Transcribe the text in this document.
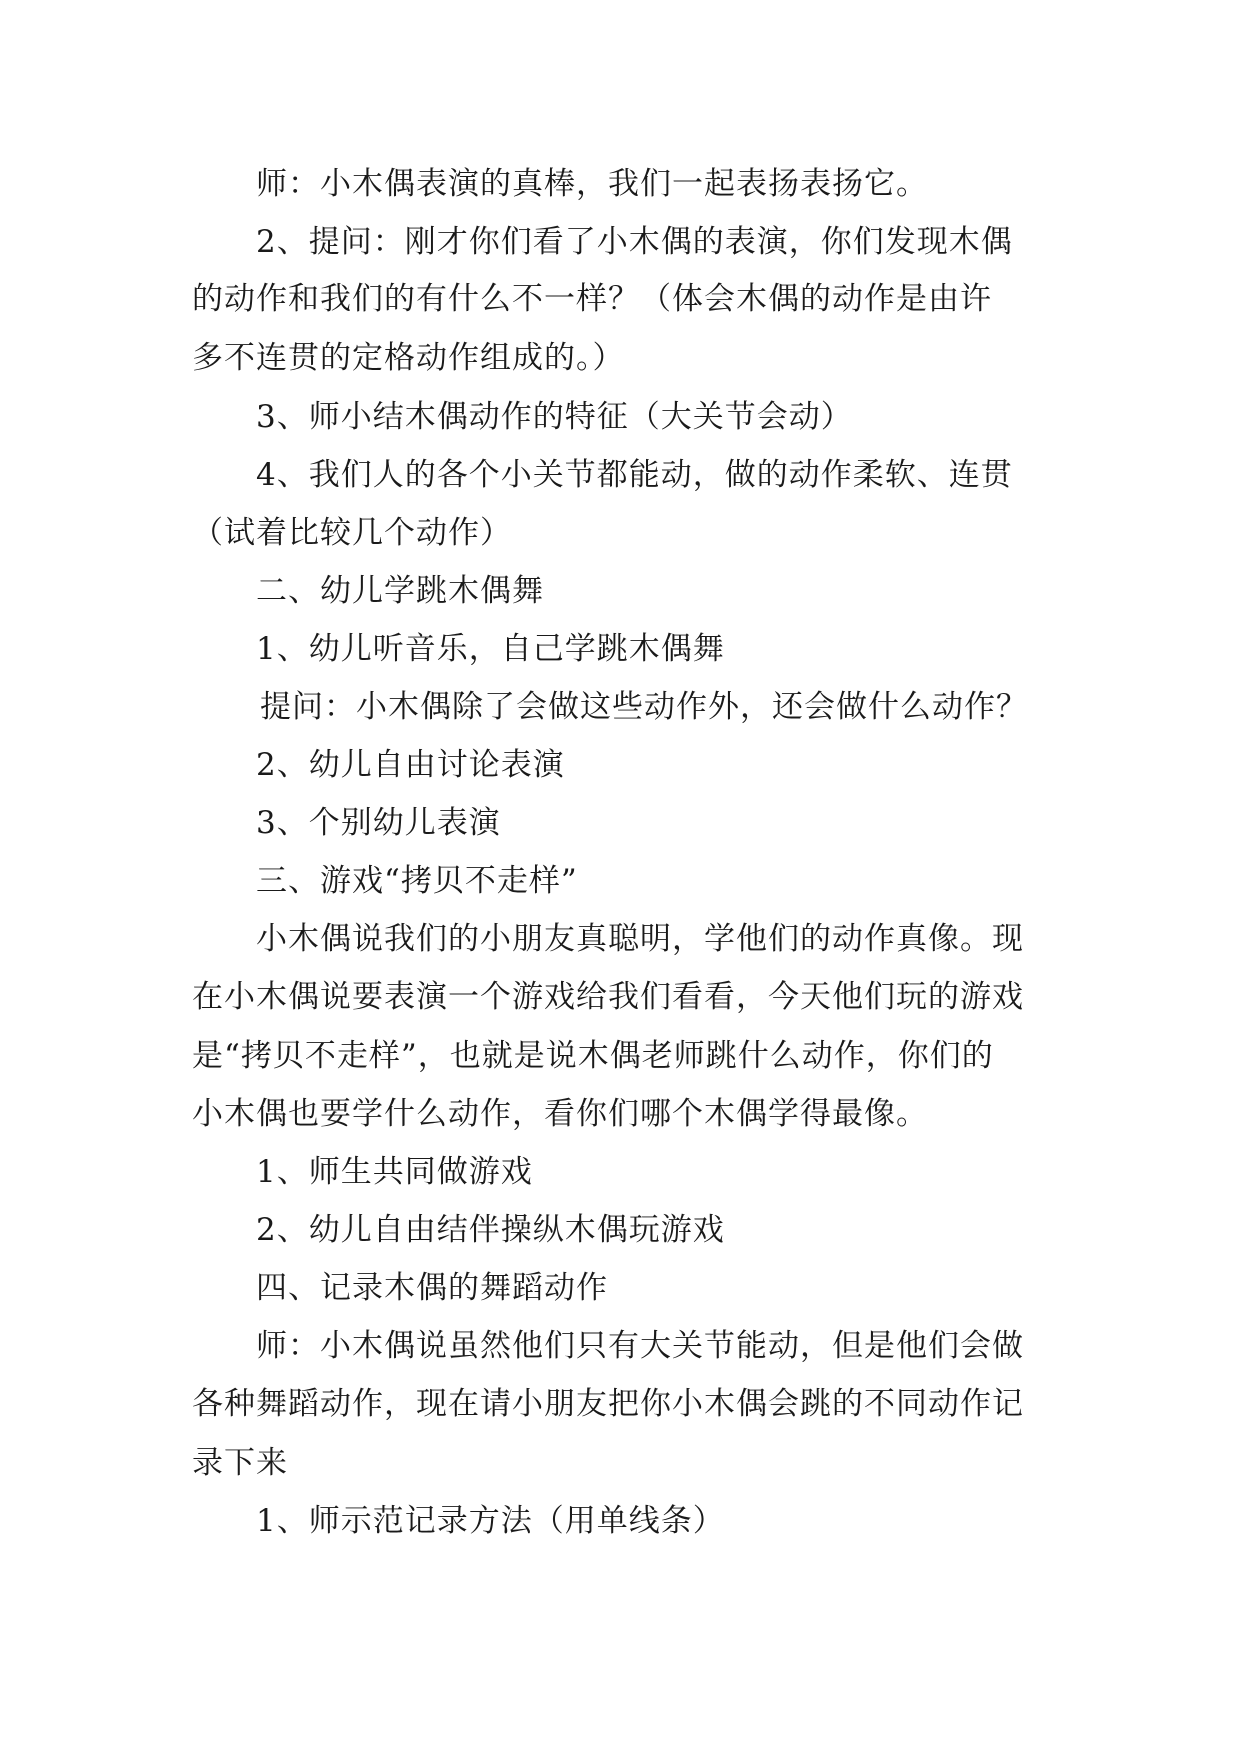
师：小木偶表演的真棒，我们一起表扬表扬它。
2、提问：刚才你们看了小木偶的表演，你们发现木偶
的动作和我们的有什么不一样？（体会木偶的动作是由许
多不连贯的定格动作组成的。）
3、师小结木偶动作的特征（大关节会动）
4、我们人的各个小关节都能动，做的动作柔软、连贯
（试着比较几个动作）
二、幼儿学跳木偶舞
1、幼儿听音乐，自己学跳木偶舞
提问：小木偶除了会做这些动作外，还会做什么动作？
2、幼儿自由讨论表演
3、个别幼儿表演
三、游戏“拷贝不走样”
小木偶说我们的小朋友真聪明，学他们的动作真像。现
在小木偶说要表演一个游戏给我们看看，今天他们玩的游戏
是“拷贝不走样”，也就是说木偶老师跳什么动作，你们的
小木偶也要学什么动作，看你们哪个木偶学得最像。
1、师生共同做游戏
2、幼儿自由结伴操纵木偶玩游戏
四、记录木偶的舞蹈动作
师：小木偶说虽然他们只有大关节能动，但是他们会做
各种舞蹈动作，现在请小朋友把你小木偶会跳的不同动作记
录下来
1、师示范记录方法（用单线条）
